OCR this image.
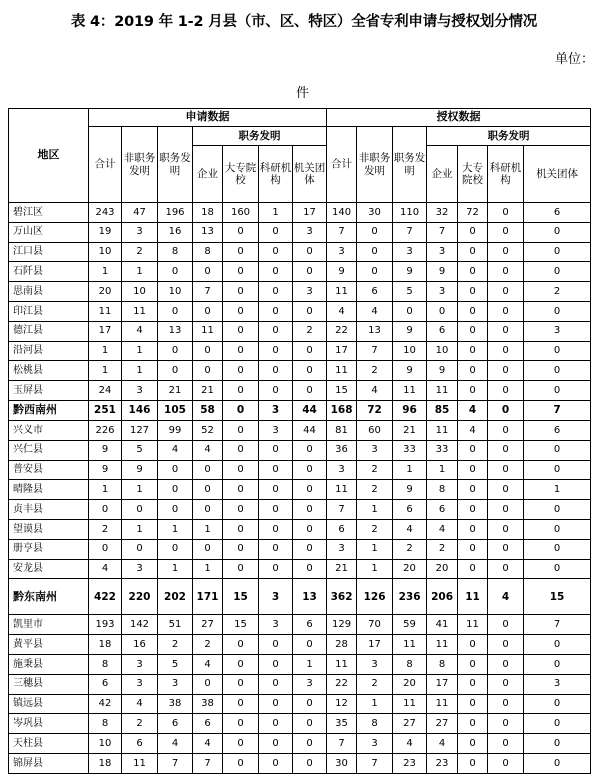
表 4：2019 年 1-2 月县（市、区、特区）全省专利申请与授权划分情况
单位：
件
地区	申请数据							授权数据						
	合计	非职务发明	职务发明	职务发明				合计	非职务发明	职务发明	职务发明			
				企业	大专院校	科研机构	机关团体				企业	大专院校	科研机构	机关团体
碧江区	243	47	196	18	160	1	17	140	30	110	32	72	0	6
万山区	19	3	16	13	0	0	3	7	0	7	7	0	0	0
江口县	10	2	8	8	0	0	0	3	0	3	3	0	0	0
石阡县	1	1	0	0	0	0	0	9	0	9	9	0	0	0
思南县	20	10	10	7	0	0	3	11	6	5	3	0	0	2
印江县	11	11	0	0	0	0	0	4	4	0	0	0	0	0
德江县	17	4	13	11	0	0	2	22	13	9	6	0	0	3
沿河县	1	1	0	0	0	0	0	17	7	10	10	0	0	0
松桃县	1	1	0	0	0	0	0	11	2	9	9	0	0	0
玉屏县	24	3	21	21	0	0	0	15	4	11	11	0	0	0
黔西南州	251	146	105	58	0	3	44	168	72	96	85	4	0	7
兴义市	226	127	99	52	0	3	44	81	60	21	11	4	0	6
兴仁县	9	5	4	4	0	0	0	36	3	33	33	0	0	0
普安县	9	9	0	0	0	0	0	3	2	1	1	0	0	0
晴隆县	1	1	0	0	0	0	0	11	2	9	8	0	0	1
贞丰县	0	0	0	0	0	0	0	7	1	6	6	0	0	0
望谟县	2	1	1	1	0	0	0	6	2	4	4	0	0	0
册亨县	0	0	0	0	0	0	0	3	1	2	2	0	0	0
安龙县	4	3	1	1	0	0	0	21	1	20	20	0	0	0
黔东南州	422	220	202	171	15	3	13	362	126	236	206	11	4	15
凯里市	193	142	51	27	15	3	6	129	70	59	41	11	0	7
黄平县	18	16	2	2	0	0	0	28	17	11	11	0	0	0
施秉县	8	3	5	4	0	0	1	11	3	8	8	0	0	0
三穗县	6	3	3	0	0	0	3	22	2	20	17	0	0	3
镇远县	42	4	38	38	0	0	0	12	1	11	11	0	0	0
岑巩县	8	2	6	6	0	0	0	35	8	27	27	0	0	0
天柱县	10	6	4	4	0	0	0	7	3	4	4	0	0	0
锦屏县	18	11	7	7	0	0	0	30	7	23	23	0	0	0
